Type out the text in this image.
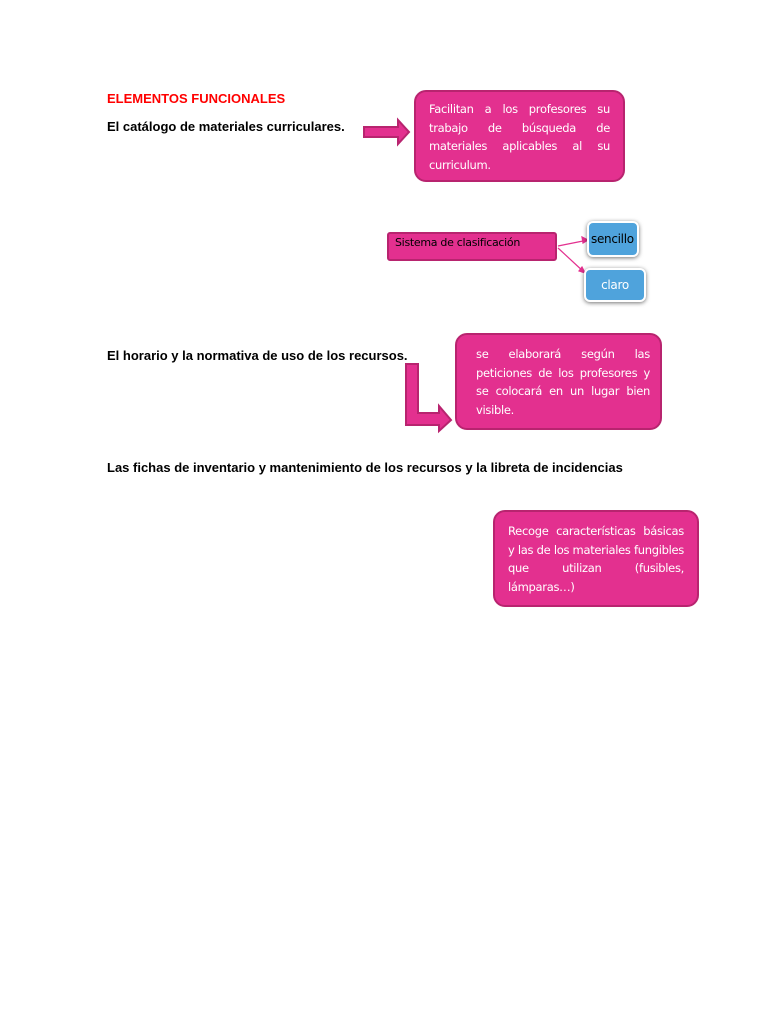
ELEMENTOS FUNCIONALES
El catálogo de materiales curriculares.
El horario y la normativa de uso de los recursos.
Las fichas de inventario y mantenimiento de los recursos y la libreta de incidencias
Facilitan a los profesores su trabajo de búsqueda de materiales aplicables al su curriculum.
Sistema de clasificación	sencillo
claro
se elaborará según las peticiones de los profesores y se colocará en un lugar bien visible.
Recoge características básicas y las de los materiales fungibles que utilizan (fusibles, lámparas…)
